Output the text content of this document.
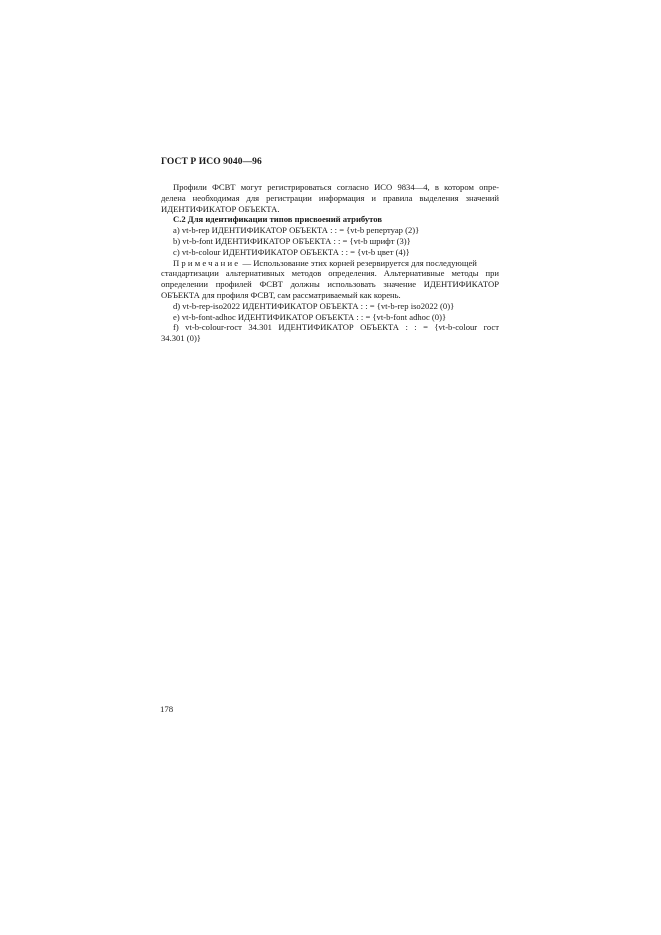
ГОСТ Р ИСО 9040—96
Профили ФСВТ могут регистрироваться согласно ИСО 9834—4, в котором опре-
делена необходимая для регистрации информация и правила выделения значений
ИДЕНТИФИКАТОР ОБЪЕКТА.
С.2 Для идентификации типов присвоений атрибутов
a) vt-b-rep ИДЕНТИФИКАТОР ОБЪЕКТА : : = {vt-b репертуар (2)}
b) vt-b-font ИДЕНТИФИКАТОР ОБЪЕКТА : : = {vt-b шрифт (3)}
c) vt-b-colour ИДЕНТИФИКАТОР ОБЪЕКТА : : = {vt-b цвет (4)}
Примечание — Использование этих корней резервируется для последующей
стандартизации альтернативных методов определения. Альтернативные методы при
определении профилей ФСВТ должны использовать значение ИДЕНТИФИКАТОР
ОБЪЕКТА для профиля ФСВТ, сам рассматриваемый как корень.
d) vt-b-rep-iso2022 ИДЕНТИФИКАТОР ОБЪЕКТА : : = {vt-b-rep iso2022 (0)}
e) vt-b-font-adhoc ИДЕНТИФИКАТОР ОБЪЕКТА : : = {vt-b-font adhoc (0)}
f) vt-b-colour-гост 34.301 ИДЕНТИФИКАТОР ОБЪЕКТА : : = {vt-b-colour гост
34.301 (0)}
178
